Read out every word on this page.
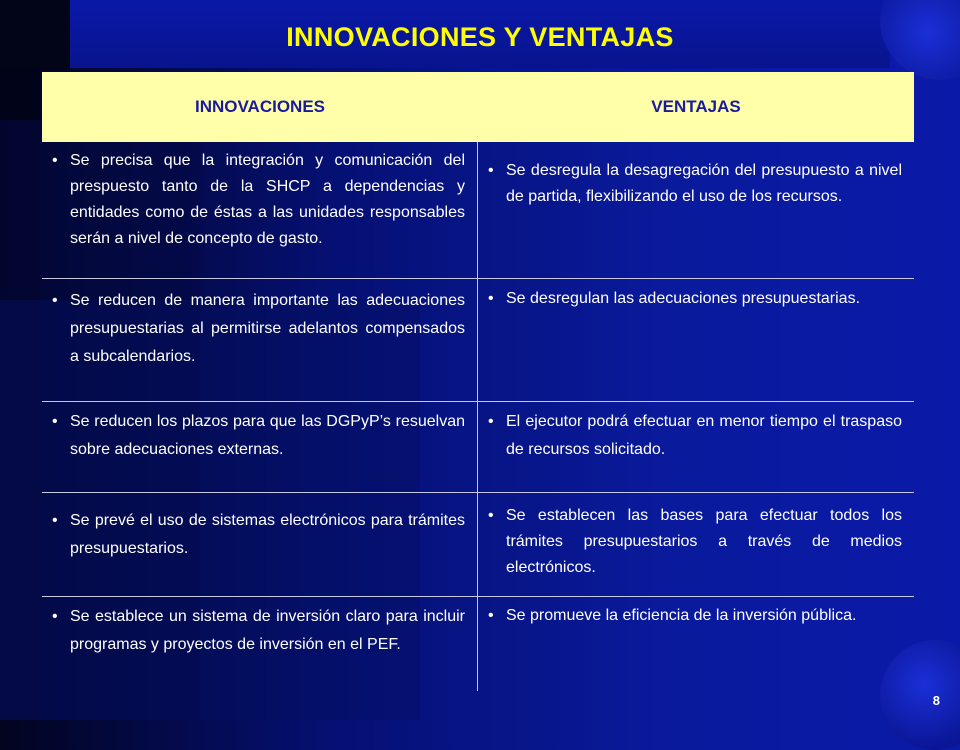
INNOVACIONES Y VENTAJAS
INNOVACIONES	VENTAJAS
• Se precisa que la integración y comunicación del prespuesto tanto de la SHCP a dependencias y entidades como de éstas a las unidades responsables serán a nivel de concepto de gasto.
• Se desregula la desagregación del presupuesto a nivel de partida, flexibilizando el uso de los recursos.
• Se reducen de manera importante las adecuaciones presupuestarias al permitirse adelantos compensados a subcalendarios.
• Se desregulan las adecuaciones presupuestarias.
• Se reducen los plazos para que las DGPyP’s resuelvan sobre adecuaciones externas.
• El ejecutor podrá efectuar en menor tiempo el traspaso de recursos solicitado.
• Se prevé el uso de sistemas electrónicos para trámites presupuestarios.
• Se establecen las bases para efectuar todos los trámites presupuestarios a través de medios electrónicos.
• Se establece un sistema de inversión claro para incluir programas y proyectos de inversión en el PEF.
• Se promueve la eficiencia de la inversión pública.
8
